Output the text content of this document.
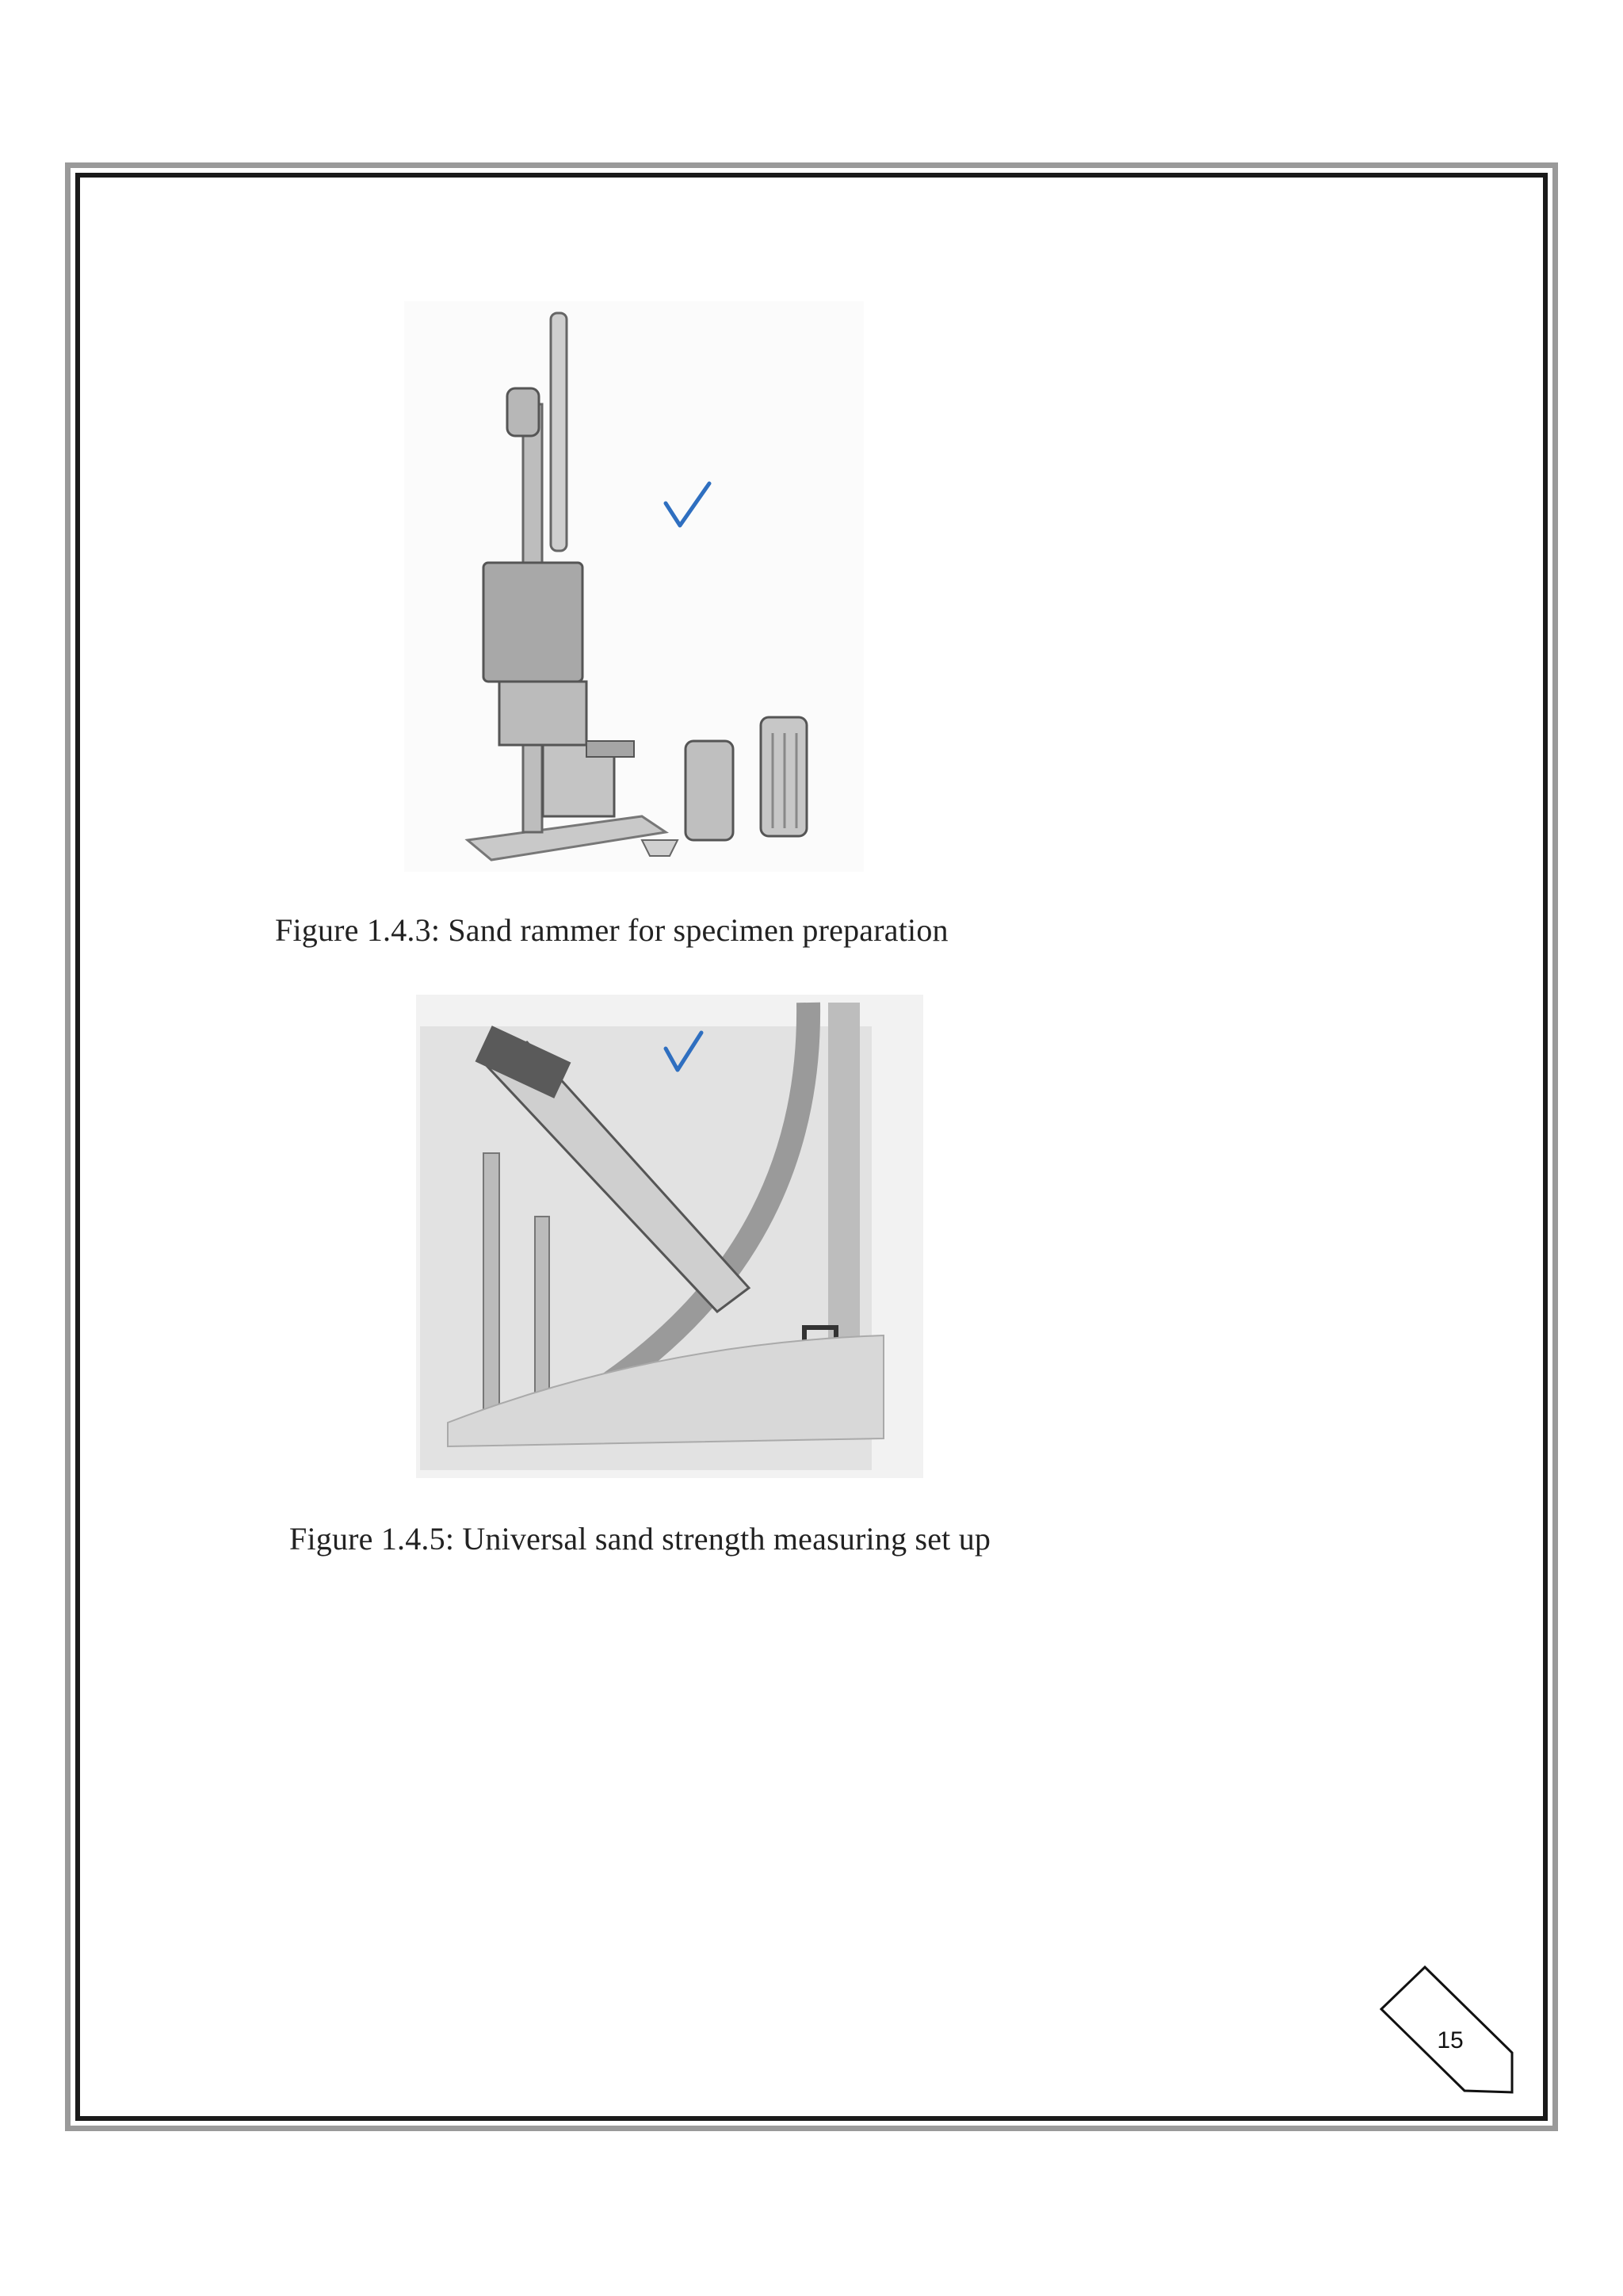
Figure 1.4.3: Sand rammer for specimen preparation
Figure 1.4.5: Universal sand strength measuring set up
15
